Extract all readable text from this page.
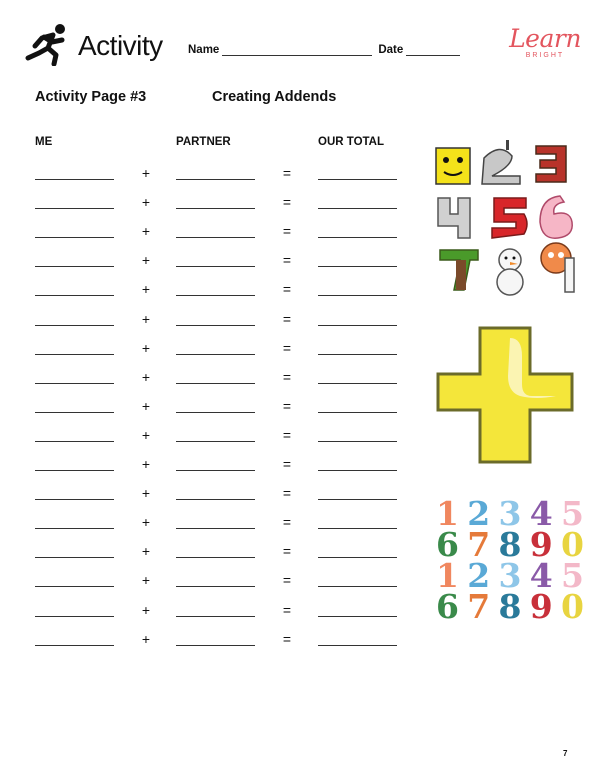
Activity Name	Date	Learn
BRIGHT
Activity Page #3	Creating Addends
ME	PARTNER	OUR TOTAL
+	=
+	=
+	=
+	=
+	=
+	=
+	=
+	=
+	=
+	=
+	=
+	=
+	=
+	=
+	=
+	=
+	=
1 2 3 4 5
6 7 8 9 0
1 2 3 4 5
6 7 8 9 0
7
